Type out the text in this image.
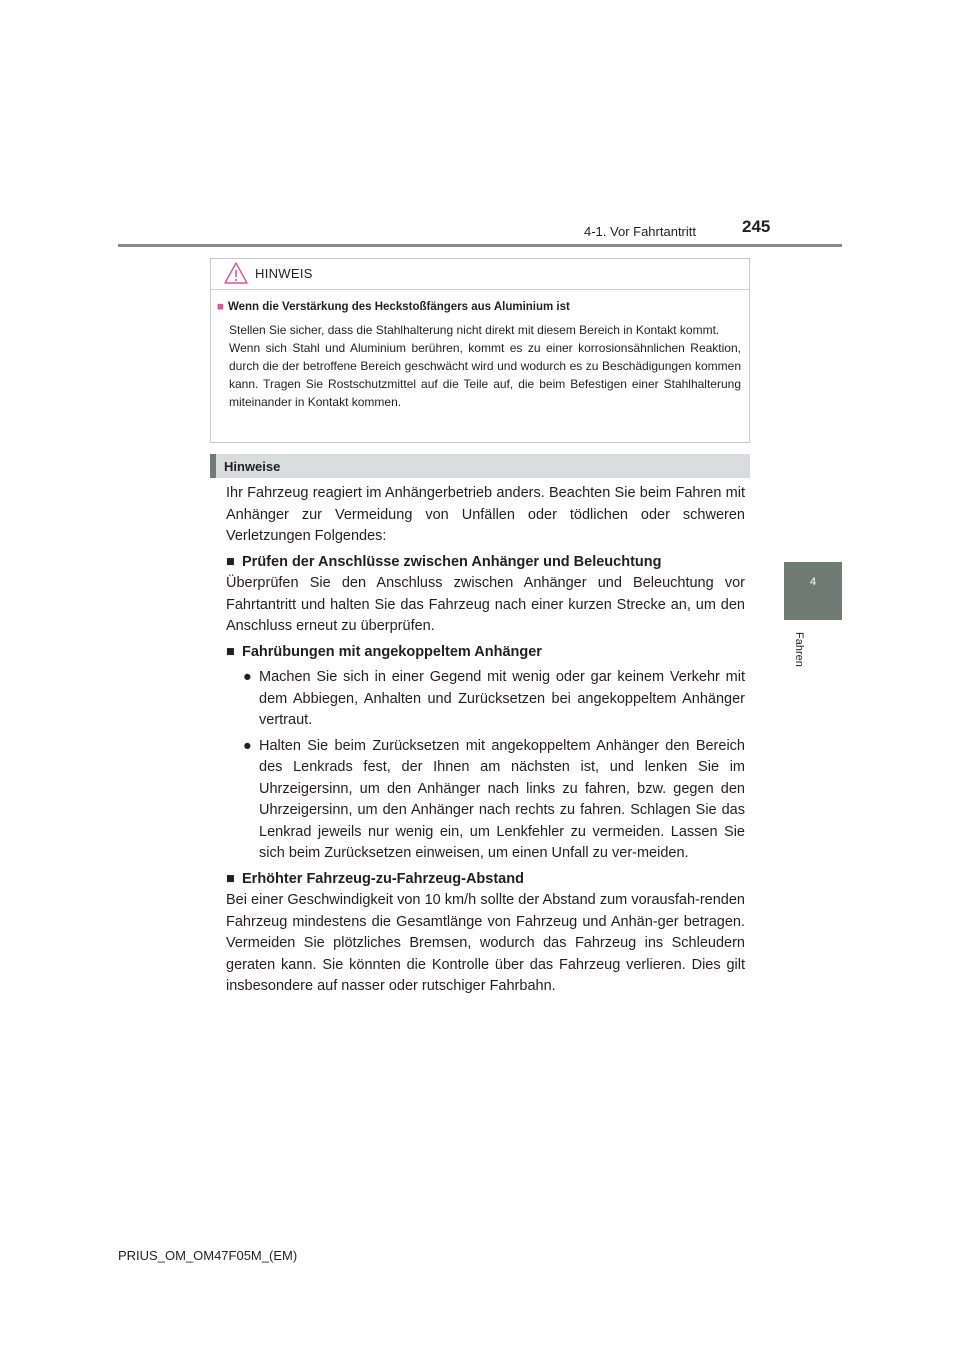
4-1. Vor Fahrtantritt	245
4
Fahren
HINWEIS
■ Wenn die Verstärkung des Heckstoßfängers aus Aluminium ist

Stellen Sie sicher, dass die Stahlhalterung nicht direkt mit diesem Bereich in Kontakt kommt.

Wenn sich Stahl und Aluminium berühren, kommt es zu einer korrosionsähnlichen Reaktion, durch die der betroffene Bereich geschwächt wird und wodurch es zu Beschädigungen kommen kann. Tragen Sie Rostschutzmittel auf die Teile auf, die beim Befestigen einer Stahlhalterung miteinander in Kontakt kommen.

Hinweise

Ihr Fahrzeug reagiert im Anhängerbetrieb anders. Beachten Sie beim Fahren mit Anhänger zur Vermeidung von Unfällen oder tödlichen oder schweren Verletzungen Folgendes:

■ Prüfen der Anschlüsse zwischen Anhänger und Beleuchtung

Überprüfen Sie den Anschluss zwischen Anhänger und Beleuchtung vor Fahrtantritt und halten Sie das Fahrzeug nach einer kurzen Strecke an, um den Anschluss erneut zu überprüfen.

■ Fahrübungen mit angekoppeltem Anhänger
● Machen Sie sich in einer Gegend mit wenig oder gar keinem Verkehr mit dem Abbiegen, Anhalten und Zurücksetzen bei angekoppeltem Anhänger vertraut.

● Halten Sie beim Zurücksetzen mit angekoppeltem Anhänger den Bereich des Lenkrads fest, der Ihnen am nächsten ist, und lenken Sie im Uhrzeigersinn, um den Anhänger nach links zu fahren, bzw. gegen den Uhrzeigersinn, um den Anhänger nach rechts zu fahren. Schlagen Sie das Lenkrad jeweils nur wenig ein, um Lenkfehler zu vermeiden. Lassen Sie sich beim Zurücksetzen einweisen, um einen Unfall zu ver-meiden.

■ Erhöhter Fahrzeug-zu-Fahrzeug-Abstand

Bei einer Geschwindigkeit von 10 km/h sollte der Abstand zum vorausfah-renden Fahrzeug mindestens die Gesamtlänge von Fahrzeug und Anhän-ger betragen. Vermeiden Sie plötzliches Bremsen, wodurch das Fahrzeug ins Schleudern geraten kann. Sie könnten die Kontrolle über das Fahrzeug verlieren. Dies gilt insbesondere auf nasser oder rutschiger Fahrbahn.

PRIUS_OM_OM47F05M_(EM)
